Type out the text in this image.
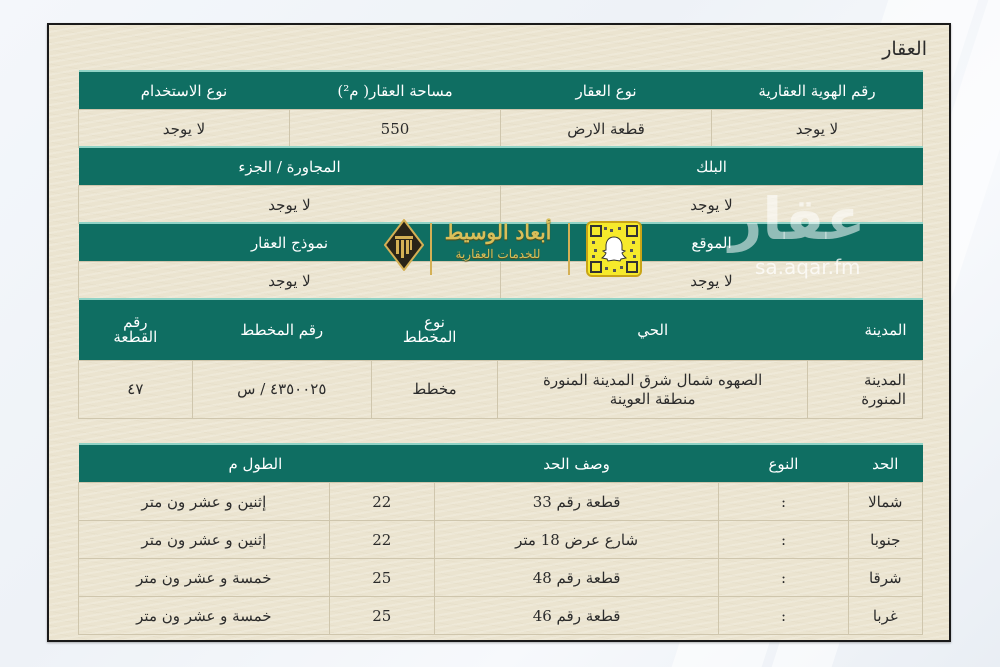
العقار
رقم الهوية العقارية	نوع العقار	مساحة العقار( م²)	نوع الاستخدام
لا يوجد	قطعة الارض	550	لا يوجد
البلك	المجاورة / الجزء
لا يوجد	لا يوجد
الموقع	نموذج العقار
لا يوجد	لا يوجد
المدينة	الحي	نوع المخطط	رقم المخطط	رقم القطعة

المدينة المنورة	الصهوه شمال شرق المدينة المنورة منطقة العوينة	مخطط	٤٣٥٠٠٢٥ / س	٤٧
الحد	النوع	وصف الحد	الطول م	
شمالا	:	قطعة رقم 33	22	إثنين و عشر ون متر
جنوبا	:	شارع عرض 18 متر	22	إثنين و عشر ون متر
شرقا	:	قطعة رقم 48	25	خمسة و عشر ون متر
غربا	:	قطعة رقم 46	25	خمسة و عشر ون متر
أبعاد الوسيط
للخدمات العقارية
عقار
sa.aqar.fm
